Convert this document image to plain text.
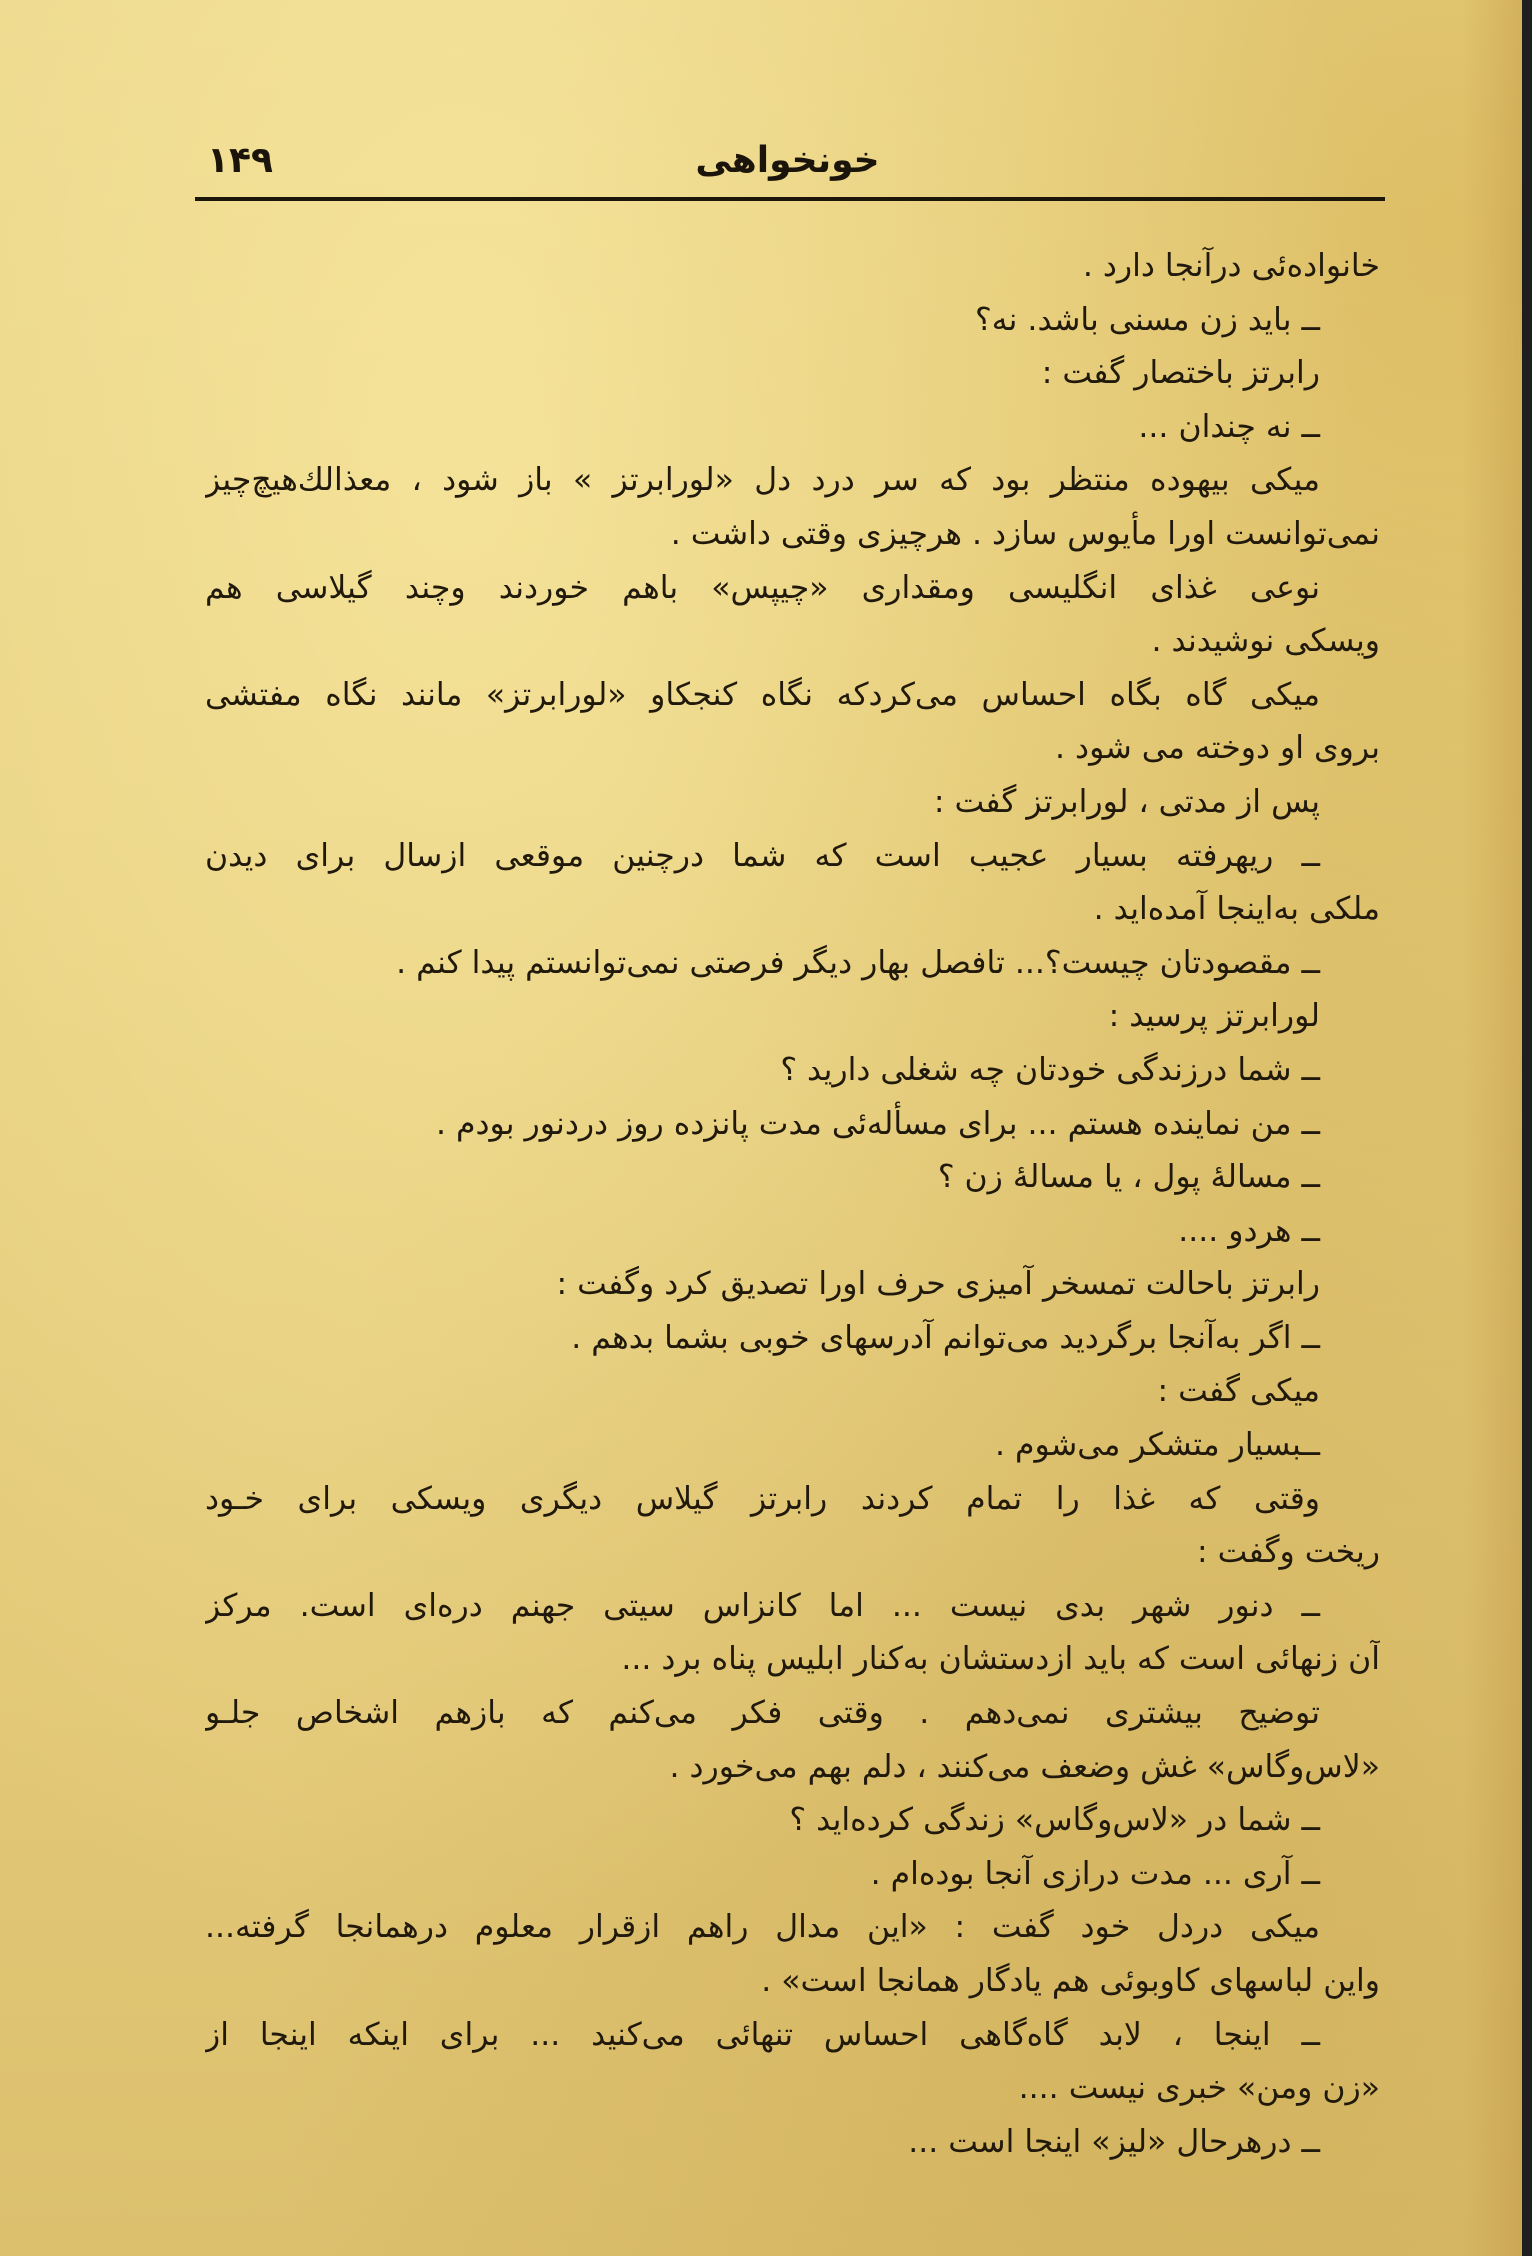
خونخواهی
۱۴۹
خانواده‌ئی درآنجا دارد .
ــ باید زن مسنی باشد. نه؟
رابرتز باختصار گفت :
ــ نه چندان ...
میکی بیهوده منتظر بود که سر درد دل «لورابرتز » باز شود ، معذالك‌هیچ‌چیز
نمی‌توانست اورا مأیوس سازد . هرچیزی وقتی داشت .
نوعی غذای انگلیسی ومقداری «چیپس» باهم خوردند وچند گیلاسی هم
ویسکی نوشیدند .
میکی گاه بگاه احساس می‌کردکه نگاه کنجکاو «لورابرتز» مانند نگاه مفتشی
بروی او دوخته می شود .
پس از مدتی ، لورابرتز گفت :
ــ ریهرفته بسیار عجیب است که شما درچنین موقعی ازسال برای دیدن
ملکی به‌اینجا آمده‌اید .
ــ مقصودتان چیست؟... تافصل بهار دیگر فرصتی نمی‌توانستم پیدا کنم .
لورابرتز پرسید :
ــ شما درزندگی خودتان چه شغلی دارید ؟
ــ من نماینده هستم ... برای مسأله‌ئی مدت پانزده روز دردنور بودم .
ــ مسالهٔ پول ، یا مسالهٔ زن ؟
ــ هردو ....
رابرتز باحالت تمسخر آمیزی حرف اورا تصدیق کرد وگفت :
ــ اگر به‌آنجا برگردید می‌توانم آدرسهای خوبی بشما بدهم .
میکی گفت :
ــبسیار متشکر می‌شوم .
وقتی که غذا را تمام کردند رابرتز گیلاس دیگری ویسکی برای خـود
ریخت وگفت :
ــ دنور شهر بدی نیست ... اما کانزاس سیتی جهنم دره‌ای است. مرکز
آن زنهائی است که باید ازدستشان به‌کنار ابلیس پناه برد ...
توضیح بیشتری نمی‌دهم . وقتی فکر می‌کنم که بازهم اشخاص جلـو
«لاس‌وگاس» غش وضعف می‌کنند ، دلم بهم می‌خورد .
ــ شما در «لاس‌وگاس» زندگی کرده‌اید ؟
ــ آری ... مدت درازی آنجا بوده‌ام .
میکی دردل خود گفت : «این مدال راهم ازقرار معلوم درهمانجا گرفته...
واین لباسهای کاوبوئی هم یادگار همانجا است» .
ــ اینجا ، لابد گاه‌گاهی احساس تنهائی می‌کنید ... برای اینکه اینجا از
«زن ومن» خبری نیست ....
ــ درهرحال «لیز» اینجا است ...
